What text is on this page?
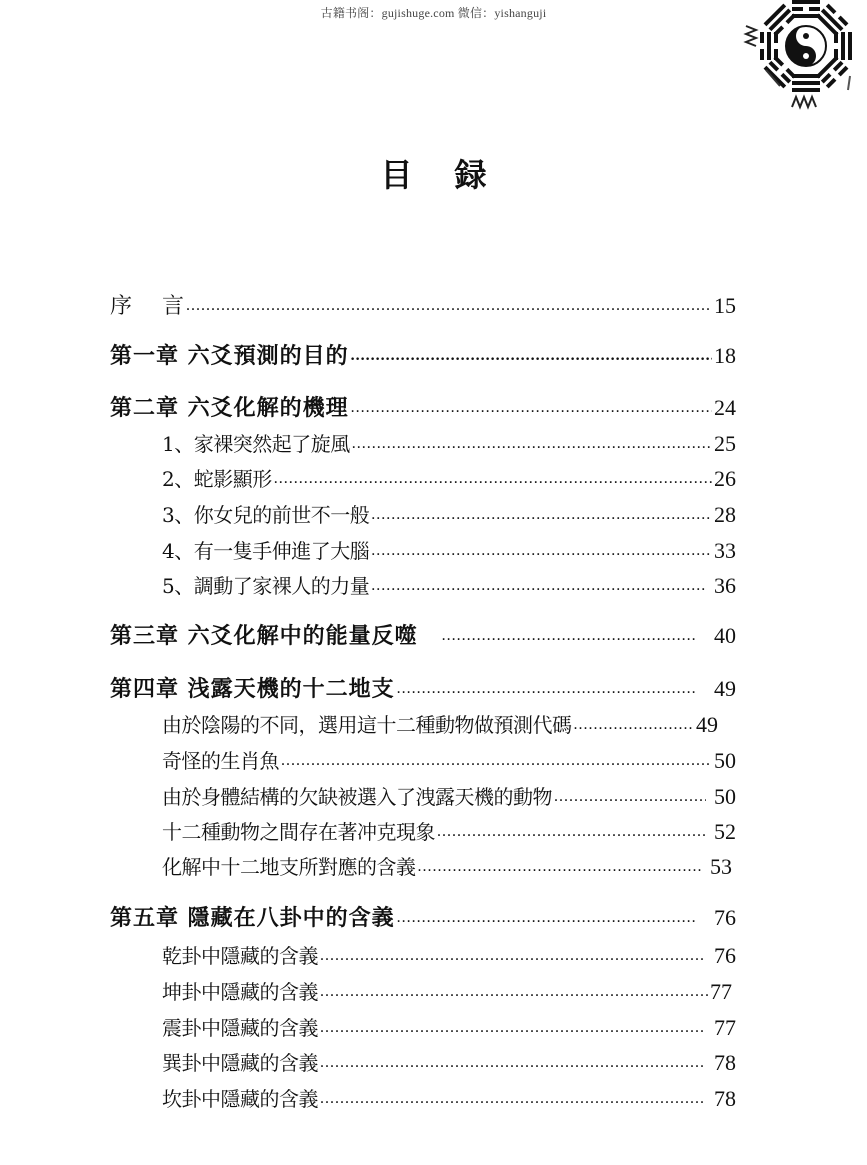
古籍书阁：gujishuge.com 微信：yishanguji
目 録
序 言 .....	15
第一章 六爻預測的目的 .....	18
第二章 六爻化解的機理 .....	24
1、家裸突然起了旋風 .....	25
2、蛇影顯形 .....	26
3、你女兒的前世不一般 .....	28
4、有一隻手伸進了大腦 .....	33
5、調動了家裸人的力量 .....	36
第三章 六爻化解中的能量反噬 .....	40
第四章 浅露天機的十二地支 .....	49
由於陰陽的不同，選用這十二種動物做預測代碼 .....	49
奇怪的生肖魚 .....	50
由於身體結構的欠缺被選入了洩露天機的動物 .....	50
十二種動物之間存在著冲克現象 .....	52
化解中十二地支所對應的含義 .....	53
第五章 隱藏在八卦中的含義 .....	76
乾卦中隱藏的含義 .....	76
坤卦中隱藏的含義 .....	77
震卦中隱藏的含義 .....	77
巽卦中隱藏的含義 .....	78
坎卦中隱藏的含義 .....	78
